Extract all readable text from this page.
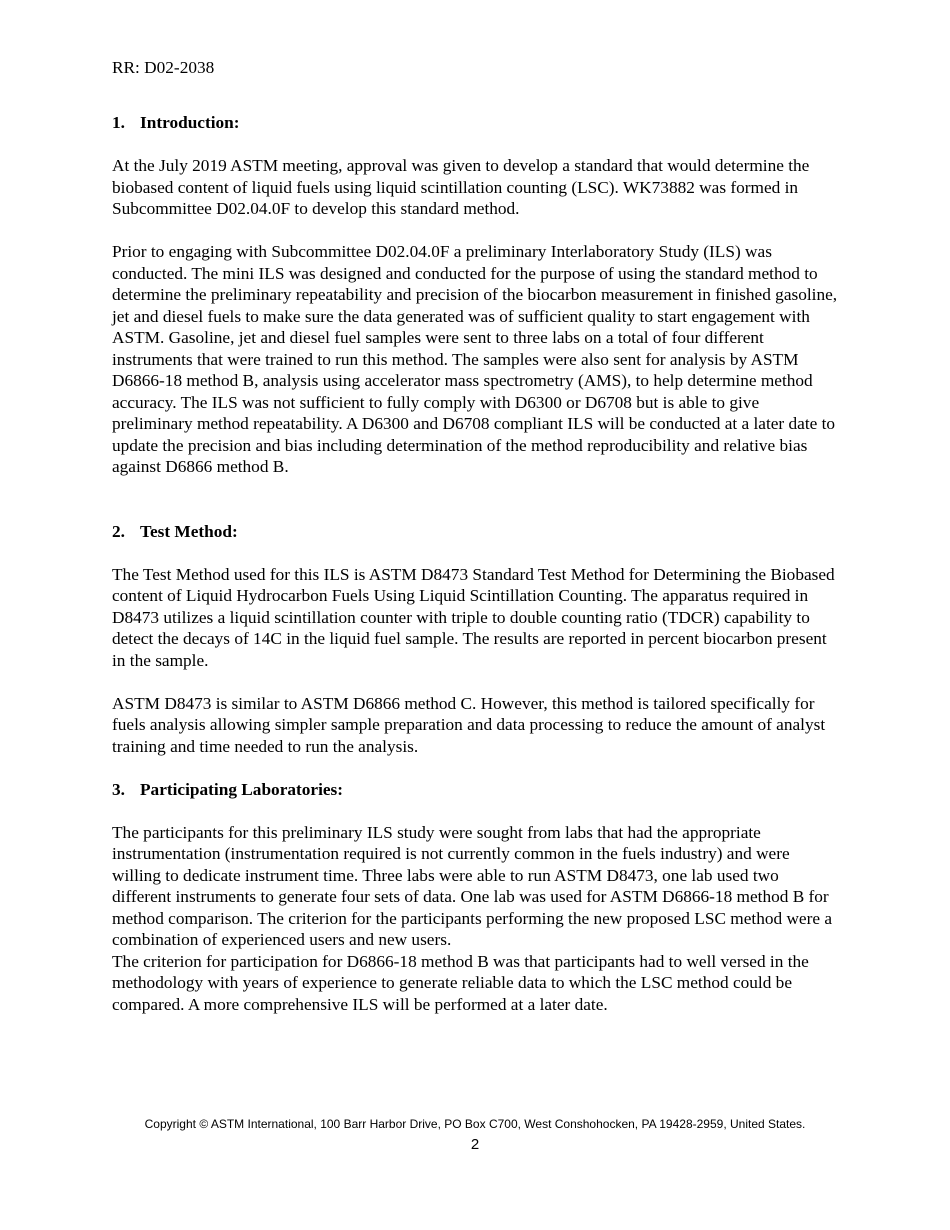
RR: D02-2038
1. Introduction:

At the July 2019 ASTM meeting, approval was given to develop a standard that would determine the biobased content of liquid fuels using liquid scintillation counting (LSC). WK73882 was formed in Subcommittee D02.04.0F to develop this standard method.

Prior to engaging with Subcommittee D02.04.0F a preliminary Interlaboratory Study (ILS) was conducted. The mini ILS was designed and conducted for the purpose of using the standard method to determine the preliminary repeatability and precision of the biocarbon measurement in finished gasoline, jet and diesel fuels to make sure the data generated was of sufficient quality to start engagement with ASTM. Gasoline, jet and diesel fuel samples were sent to three labs on a total of four different instruments that were trained to run this method. The samples were also sent for analysis by ASTM D6866-18 method B, analysis using accelerator mass spectrometry (AMS), to help determine method accuracy. The ILS was not sufficient to fully comply with D6300 or D6708 but is able to give preliminary method repeatability. A D6300 and D6708 compliant ILS will be conducted at a later date to update the precision and bias including determination of the method reproducibility and relative bias against D6866 method B.

2. Test Method:

The Test Method used for this ILS is ASTM D8473 Standard Test Method for Determining the Biobased content of Liquid Hydrocarbon Fuels Using Liquid Scintillation Counting. The apparatus required in D8473 utilizes a liquid scintillation counter with triple to double counting ratio (TDCR) capability to detect the decays of 14C in the liquid fuel sample. The results are reported in percent biocarbon present in the sample.

ASTM D8473 is similar to ASTM D6866 method C. However, this method is tailored specifically for fuels analysis allowing simpler sample preparation and data processing to reduce the amount of analyst training and time needed to run the analysis.

3. Participating Laboratories:

The participants for this preliminary ILS study were sought from labs that had the appropriate instrumentation (instrumentation required is not currently common in the fuels industry) and were willing to dedicate instrument time. Three labs were able to run ASTM D8473, one lab used two different instruments to generate four sets of data. One lab was used for ASTM D6866-18 method B for method comparison. The criterion for the participants performing the new proposed LSC method were a combination of experienced users and new users.

The criterion for participation for D6866-18 method B was that participants had to well versed in the methodology with years of experience to generate reliable data to which the LSC method could be compared. A more comprehensive ILS will be performed at a later date.

Copyright © ASTM International, 100 Barr Harbor Drive, PO Box C700, West Conshohocken, PA 19428-2959, United States.
2
